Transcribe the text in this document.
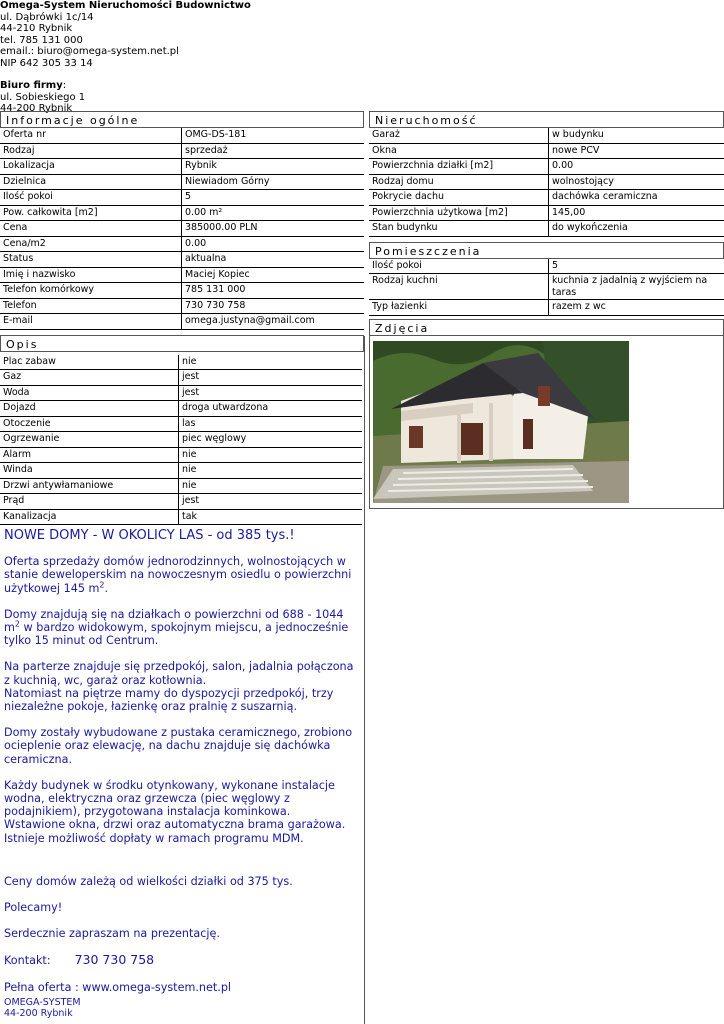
Omega-System Nieruchomości Budownictwo
ul. Dąbrówki 1c/14
44-210 Rybnik
tel. 785 131 000
email.: biuro@omega-system.net.pl
NIP 642 305 33 14
Biuro firmy:
ul. Sobieskiego 1
44-200 Rybnik
Informacje ogólne
Oferta nr	OMG-DS-181
Rodzaj	sprzedaż
Lokalizacja	Rybnik
Dzielnica	Niewiadom Górny
Ilość pokoi	5
Pow. całkowita [m2]	0.00 m²
Cena	385000.00 PLN
Cena/m2	0.00
Status	aktualna
Imię i nazwisko	Maciej Kopiec
Telefon komórkowy	785 131 000
Telefon	730 730 758
E-mail	omega.justyna@gmail.com
Opis
Plac zabaw	nie
Gaz	jest
Woda	jest
Dojazd	droga utwardzona
Otoczenie	las
Ogrzewanie	piec węglowy
Alarm	nie
Winda	nie
Drzwi antywłamaniowe	nie
Prąd	jest
Kanalizacja	tak

NOWE DOMY - W OKOLICY LAS - od 385 tys.!

Oferta sprzedaży domów jednorodzinnych, wolnostojących w stanie deweloperskim na nowoczesnym osiedlu o powierzchni użytkowej 145 $m^2$.

Domy znajdują się na działkach o powierzchni od 688 - 1044 $m^2$ w bardzo widokowym, spokojnym miejscu, a jednocześnie tylko 15 minut od Centrum.

Na parterze znajduje się przedpokój, salon, jadalnia połączona z kuchnią, wc, garaż oraz kotłownia.
Natomiast na piętrze mamy do dyspozycji przedpokój, trzy niezależne pokoje, łazienkę oraz pralnię z suszarnią.

Domy zostały wybudowane z pustaka ceramicznego, zrobiono ocieplenie oraz elewację, na dachu znajduje się dachówka ceramiczna.

Każdy budynek w środku otynkowany, wykonane instalacje wodna, elektryczna oraz grzewcza (piec węglowy z podajnikiem), przygotowana instalacja kominkowa.
Wstawione okna, drzwi oraz automatyczna brama garażowa.
Istnieje możliwość dopłaty w ramach programu MDM.

Ceny domów zależą od wielkości działki od 375 tys.

Polecamy!

Serdecznie zapraszam na prezentację.

Kontakt: 730 730 758

Pełna oferta : www.omega-system.net.pl

OMEGA-SYSTEM
44-200 Rybnik
Nieruchomość
Garaż	w budynku
Okna	nowe PCV
Powierzchnia działki [m2]	0.00
Rodzaj domu	wolnostojący
Pokrycie dachu	dachówka ceramiczna
Powierzchnia użytkowa [m2]	145,00
Stan budynku	do wykończenia
Pomieszczenia
Ilość pokoi	5
Rodzaj kuchni	kuchnia z jadalnią z wyjściem na taras
Typ łazienki	razem z wc
Zdjęcia
